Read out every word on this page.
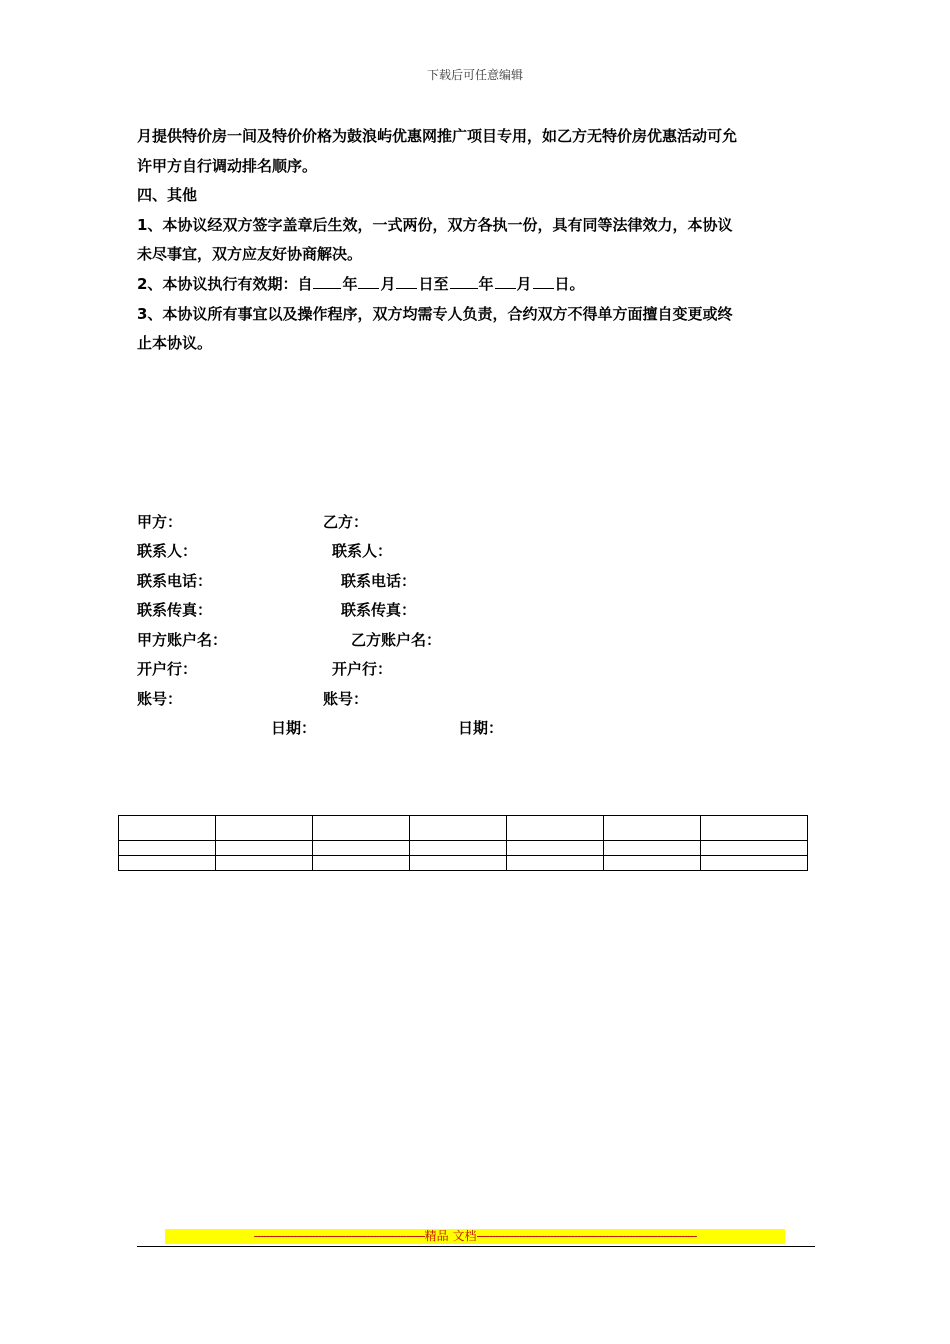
下载后可任意编辑

月提供特价房一间及特价价格为鼓浪屿优惠网推广项目专用，如乙方无特价房优惠活动可允

许甲方自行调动排名顺序。

四、其他

1、本协议经双方签字盖章后生效，一式两份，双方各执一份，具有同等法律效力，本协议

未尽事宜，双方应友好协商解决。

2、本协议执行有效期：自 年 月 日至 年 月 日。

3、本协议所有事宜以及操作程序，双方均需专人负责，合约双方不得单方面擅自变更或终

止本协议。

甲方：	乙方：
联系人：	联系人：
联系电话：	联系电话：
联系传真：	联系传真：
甲方账户名：	乙方账户名：
开户行：	开户行：
账号：	账号：
日期：	日期：

--------------------------------------------------------精品 文档------------------------------------------------------------------------
